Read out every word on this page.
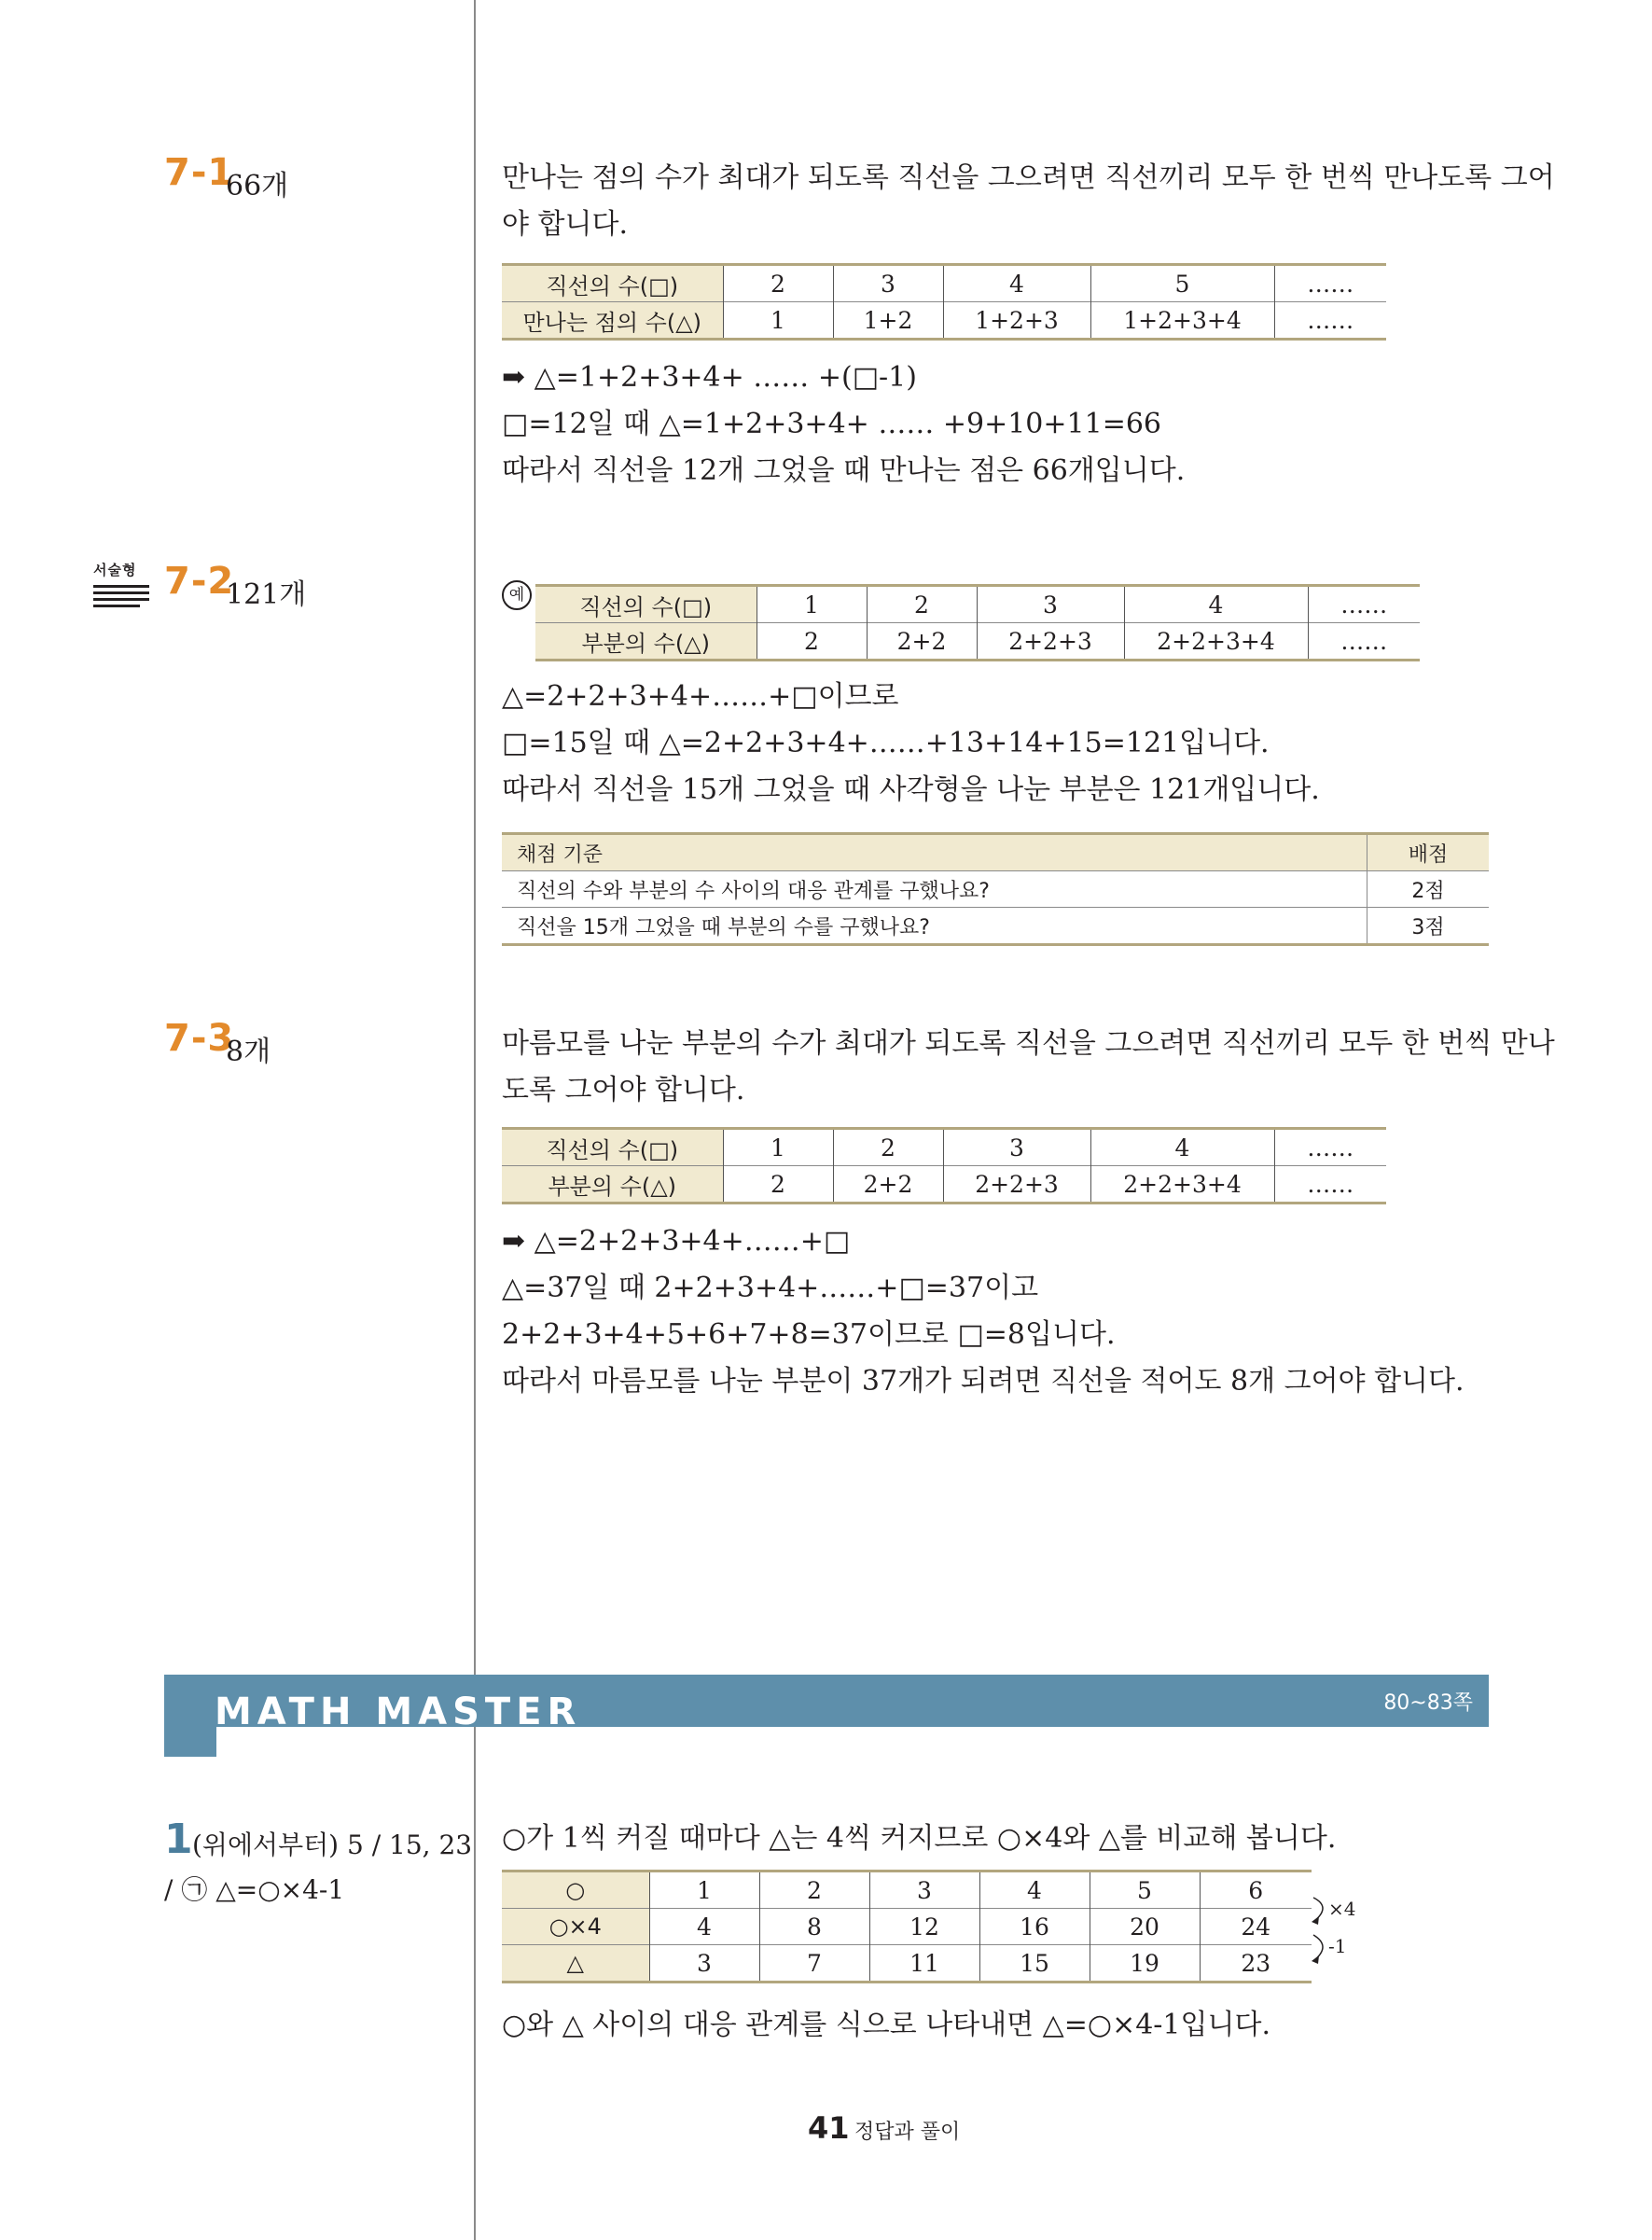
7-1
66개	만나는 점의 수가 최대가 되도록 직선을 그으려면 직선끼리 모두 한 번씩 만나도록 그어
야 합니다.
직선의 수(□)	2	3	4	5	……
만나는 점의 수(△)	1	1+2	1+2+3	1+2+3+4	……
➡ △=1+2+3+4+ …… +(□-1)
□=12일 때 △=1+2+3+4+ …… +9+10+11=66
따라서 직선을 12개 그었을 때 만나는 점은 66개입니다.
서술형 7-2
121개	예	직선의 수(□)	1	2	3	4	……
부분의 수(△)	2	2+2	2+2+3	2+2+3+4	……
△=2+2+3+4+……+□이므로
□=15일 때 △=2+2+3+4+……+13+14+15=121입니다.
따라서 직선을 15개 그었을 때 사각형을 나눈 부분은 121개입니다.
채점 기준	배점
직선의 수와 부분의 수 사이의 대응 관계를 구했나요?	2점
직선을 15개 그었을 때 부분의 수를 구했나요?	3점
7-3
8개	마름모를 나눈 부분의 수가 최대가 되도록 직선을 그으려면 직선끼리 모두 한 번씩 만나
도록 그어야 합니다.
직선의 수(□)	1	2	3	4	……
부분의 수(△)	2	2+2	2+2+3	2+2+3+4	……
➡ △=2+2+3+4+……+□
△=37일 때 2+2+3+4+……+□=37이고
2+2+3+4+5+6+7+8=37이므로 □=8입니다.
따라서 마름모를 나눈 부분이 37개가 되려면 직선을 적어도 8개 그어야 합니다.
MATH MASTER	80~83쪽
1
(위에서부터) 5 / 15, 23
/ ㉠ △=○×4-1
○가 1씩 커질 때마다 △는 4씩 커지므로 ○×4와 △를 비교해 봅니다.
○	1	2	3	4	5	6
○×4	4	8	12	16	20	24
△	3	7	11	15	19	23
×4
-1
○와 △ 사이의 대응 관계를 식으로 나타내면 △=○×4-1입니다.
41 정답과 풀이
